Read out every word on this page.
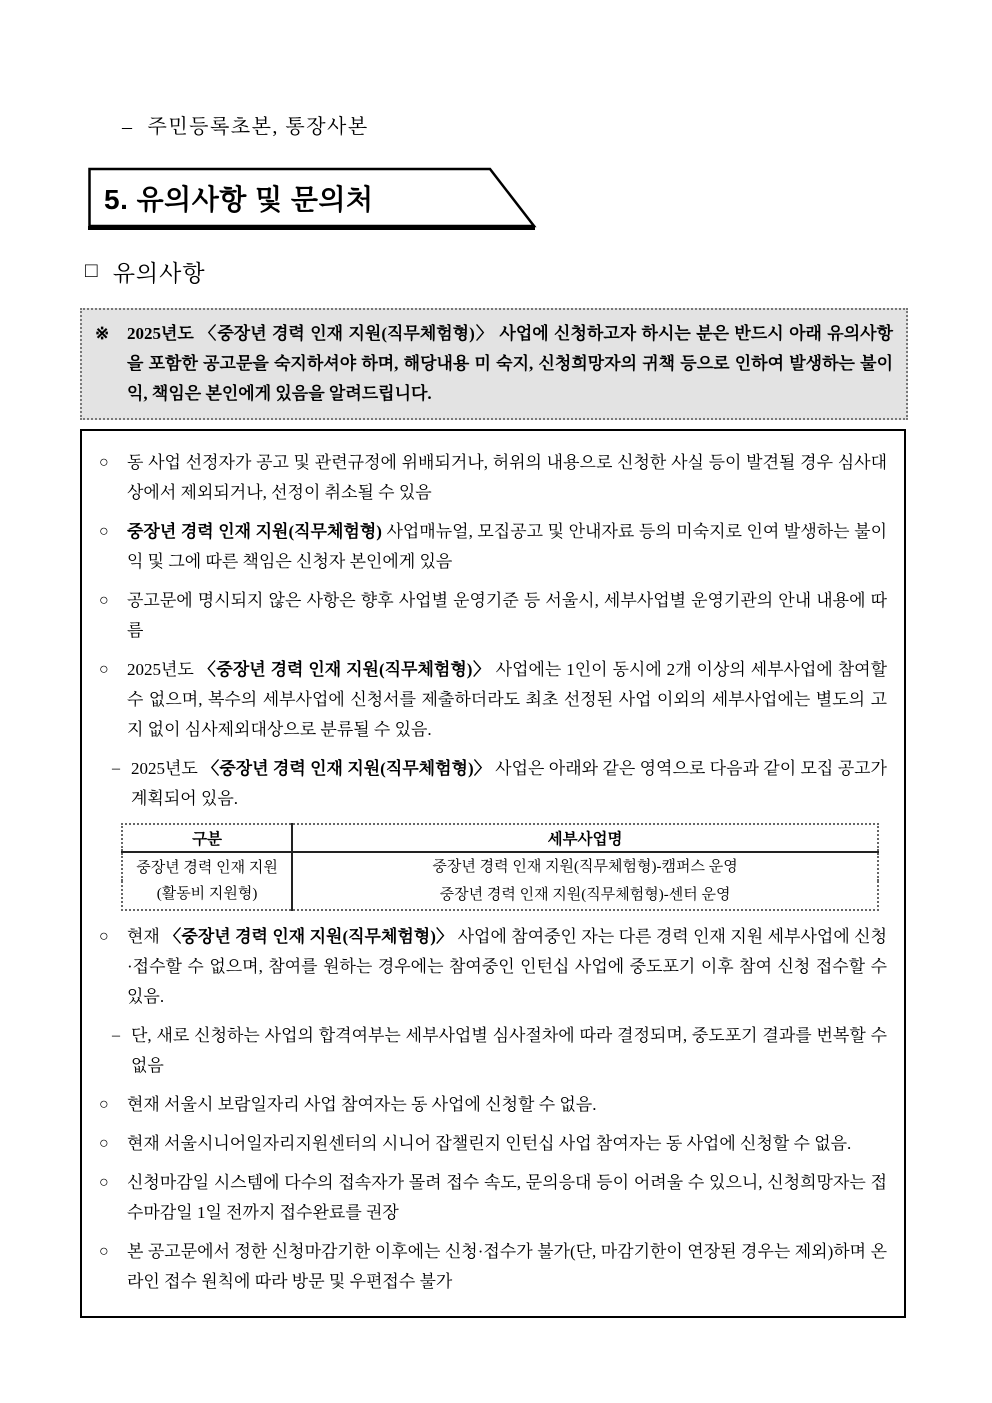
– 주민등록초본, 통장사본
5. 유의사항 및 문의처
□ 유의사항
※	2025년도 〈중장년 경력 인재 지원(직무체험형)〉 사업에 신청하고자 하시는 분은 반드시 아래 유의사항을 포함한 공고문을 숙지하셔야 하며, 해당내용 미 숙지, 신청희망자의 귀책 등으로 인하여 발생하는 불이익, 책임은 본인에게 있음을 알려드립니다.
○	동 사업 선정자가 공고 및 관련규정에 위배되거나, 허위의 내용으로 신청한 사실 등이 발견될 경우 심사대상에서 제외되거나, 선정이 취소될 수 있음
○	중장년 경력 인재 지원(직무체험형) 사업매뉴얼, 모집공고 및 안내자료 등의 미숙지로 인여 발생하는 불이익 및 그에 따른 책임은 신청자 본인에게 있음
○	공고문에 명시되지 않은 사항은 향후 사업별 운영기준 등 서울시, 세부사업별 운영기관의 안내 내용에 따름
○	2025년도 〈중장년 경력 인재 지원(직무체험형)〉 사업에는 1인이 동시에 2개 이상의 세부사업에 참여할 수 없으며, 복수의 세부사업에 신청서를 제출하더라도 최초 선정된 사업 이외의 세부사업에는 별도의 고지 없이 심사제외대상으로 분류될 수 있음.
– 2025년도 〈중장년 경력 인재 지원(직무체험형)〉 사업은 아래와 같은 영역으로 다음과 같이 모집 공고가 계획되어 있음.
구분	세부사업명
중장년 경력 인재 지원
(활동비 지원형)	중장년 경력 인재 지원(직무체험형)-캠퍼스 운영
	중장년 경력 인재 지원(직무체험형)-센터 운영
○	현재 〈중장년 경력 인재 지원(직무체험형)〉 사업에 참여중인 자는 다른 경력 인재 지원 세부사업에 신청·접수할 수 없으며, 참여를 원하는 경우에는 참여중인 인턴십 사업에 중도포기 이후 참여 신청 접수할 수 있음.
– 단, 새로 신청하는 사업의 합격여부는 세부사업별 심사절차에 따라 결정되며, 중도포기 결과를 번복할 수 없음
○	현재 서울시 보람일자리 사업 참여자는 동 사업에 신청할 수 없음.
○	현재 서울시니어일자리지원센터의 시니어 잡챌린지 인턴십 사업 참여자는 동 사업에 신청할 수 없음.
○	신청마감일 시스템에 다수의 접속자가 몰려 접수 속도, 문의응대 등이 어려울 수 있으니, 신청희망자는 접수마감일 1일 전까지 접수완료를 권장
○	본 공고문에서 정한 신청마감기한 이후에는 신청·접수가 불가(단, 마감기한이 연장된 경우는 제외)하며 온라인 접수 원칙에 따라 방문 및 우편접수 불가
